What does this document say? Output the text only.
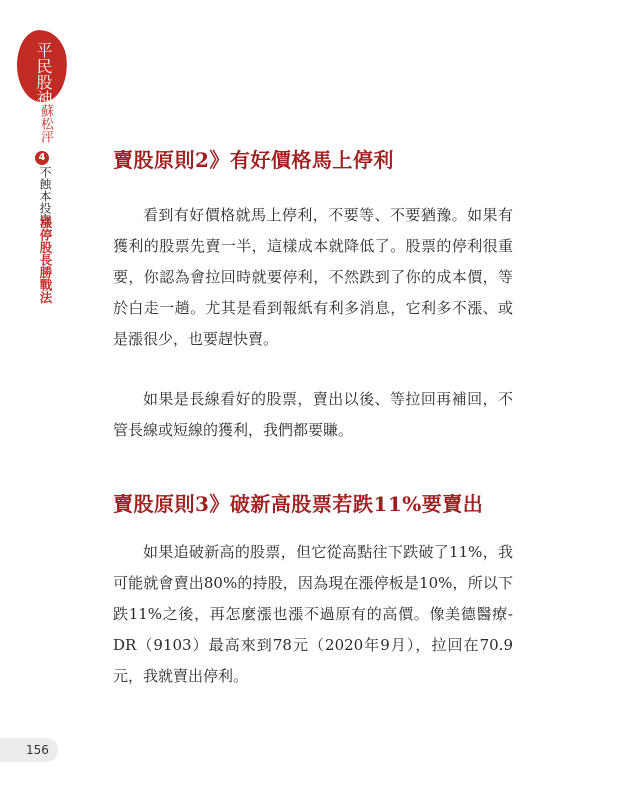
平民股神
蘇松泙
4
不蝕本投資
漲停股長勝戰法
賣股原則2》有好價格馬上停利

看到有好價格就馬上停利，不要等、不要猶豫。如果有獲利的股票先賣一半，這樣成本就降低了。股票的停利很重要，你認為會拉回時就要停利，不然跌到了你的成本價，等於白走一趟。尤其是看到報紙有利多消息，它利多不漲、或是漲很少，也要趕快賣。

如果是長線看好的股票，賣出以後、等拉回再補回，不管長線或短線的獲利，我們都要賺。

賣股原則3》破新高股票若跌11%要賣出

如果追破新高的股票，但它從高點往下跌破了11%，我可能就會賣出80%的持股，因為現在漲停板是10%，所以下跌11%之後，再怎麼漲也漲不過原有的高價。像美德醫療-DR（9103）最高來到78元（2020年9月），拉回在70.9元，我就賣出停利。

156
